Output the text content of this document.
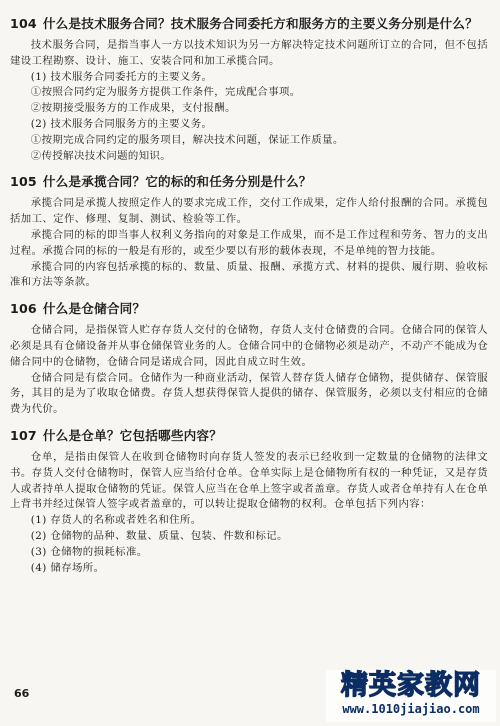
104 什么是技术服务合同？技术服务合同委托方和服务方的主要义务分别是什么？

技术服务合同，是指当事人一方以技术知识为另一方解决特定技术问题所订立的合同，但不包括建设工程勘察、设计、施工、安装合同和加工承揽合同。

(1) 技术服务合同委托方的主要义务。

①按照合同约定为服务方提供工作条件，完成配合事项。

②按期接受服务方的工作成果，支付报酬。

(2) 技术服务合同服务方的主要义务。

①按期完成合同约定的服务项目，解决技术问题，保证工作质量。

②传授解决技术问题的知识。

105 什么是承揽合同？它的标的和任务分别是什么？

承揽合同是承揽人按照定作人的要求完成工作，交付工作成果，定作人给付报酬的合同。承揽包括加工、定作、修理、复制、测试、检验等工作。

承揽合同的标的即当事人权利义务指向的对象是工作成果，而不是工作过程和劳务、智力的支出过程。承揽合同的标的一般是有形的，或至少要以有形的载体表现，不是单纯的智力技能。

承揽合同的内容包括承揽的标的、数量、质量、报酬、承揽方式、材料的提供、履行期、验收标准和方法等条款。

106 什么是仓储合同？

仓储合同，是指保管人贮存存货人交付的仓储物，存货人支付仓储费的合同。仓储合同的保管人必须是具有仓储设备并从事仓储保管业务的人。仓储合同中的仓储物必须是动产，不动产不能成为仓储合同中的仓储物，仓储合同是诺成合同，因此自成立时生效。

仓储合同是有偿合同。仓储作为一种商业活动，保管人替存货人储存仓储物，提供储存、保管服务，其目的是为了收取仓储费。存货人想获得保管人提供的储存、保管服务，必须以支付相应的仓储费为代价。

107 什么是仓单？它包括哪些内容？

仓单，是指由保管人在收到仓储物时向存货人签发的表示已经收到一定数量的仓储物的法律文书。存货人交付仓储物时，保管人应当给付仓单。仓单实际上是仓储物所有权的一种凭证，又是存货人或者持单人提取仓储物的凭证。保管人应当在仓单上签字或者盖章。存货人或者仓单持有人在仓单上背书并经过保管人签字或者盖章的，可以转让提取仓储物的权利。仓单包括下列内容：

(1) 存货人的名称或者姓名和住所。

(2) 仓储物的品种、数量、质量、包装、件数和标记。

(3) 仓储物的损耗标准。

(4) 储存场所。

66	精英家教网
www.1010jiajiao.com
